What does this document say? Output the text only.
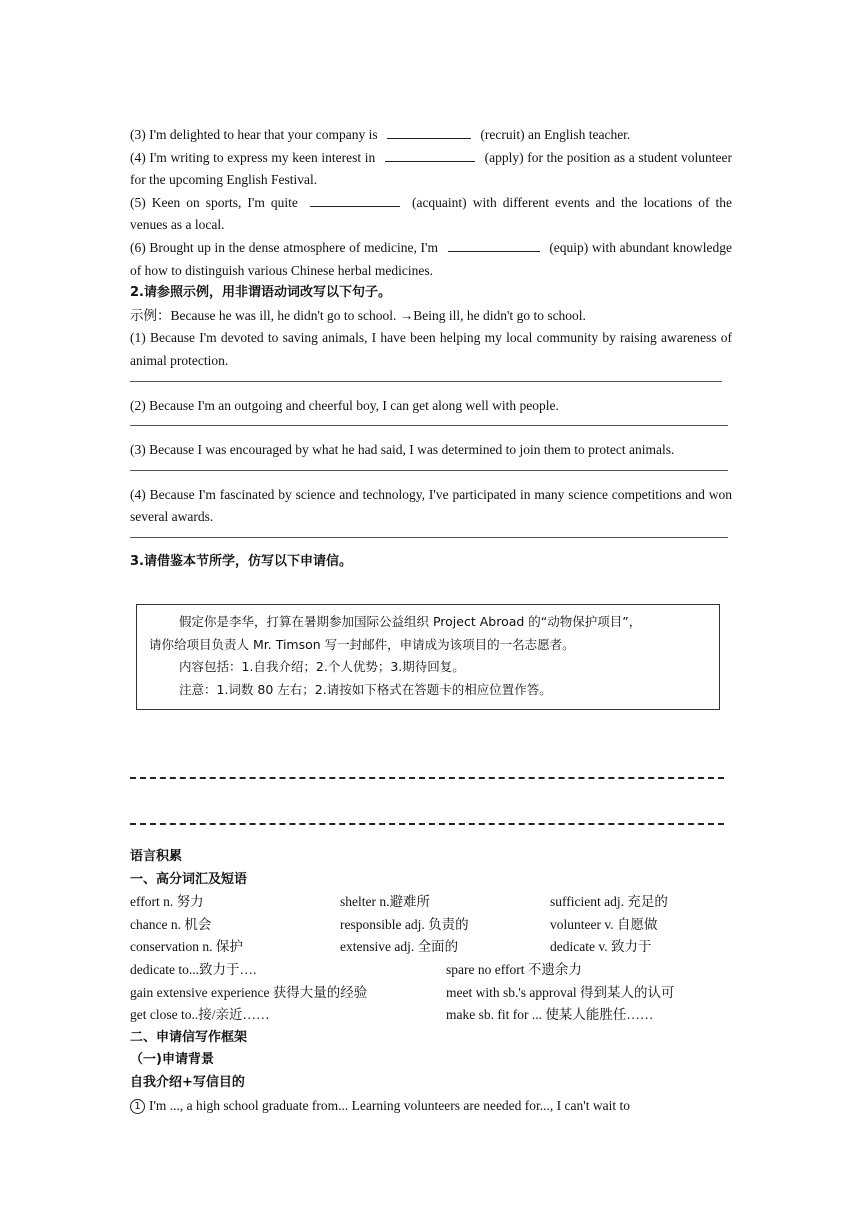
(3) I'm delighted to hear that your company is	(recruit) an English teacher.
(4) I'm writing to express my keen interest in	(apply) for the position as a student volunteer for the upcoming English Festival.
(5) Keen on sports, I'm quite	(acquaint) with different events and the locations of the venues as a local.
(6) Brought up in the dense atmosphere of medicine, I'm	(equip) with abundant knowledge of how to distinguish various Chinese herbal medicines.
2.请参照示例，用非谓语动词改写以下句子。
示例：Because he was ill, he didn't go to school. →Being ill, he didn't go to school.
(1) Because I'm devoted to saving animals, I have been helping my local community by raising awareness of animal protection.
(2) Because I'm an outgoing and cheerful boy, I can get along well with people.
(3) Because I was encouraged by what he had said, I was determined to join them to protect animals.
(4) Because I'm fascinated by science and technology, I've participated in many science competitions and won several awards.
3.请借鉴本节所学，仿写以下申请信。
假定你是李华，打算在暑期参加国际公益组织 Project Abroad 的“动物保护项目”，
请你给项目负责人 Mr. Timson 写一封邮件，申请成为该项目的一名志愿者。
内容包括：1.自我介绍；2.个人优势；3.期待回复。
注意：1.词数 80 左右；2.请按如下格式在答题卡的相应位置作答。
语言积累
一、高分词汇及短语
effort n. 努力	shelter n.避难所	sufficient adj. 充足的
chance n. 机会	responsible adj. 负责的	volunteer v. 自愿做
conservation n. 保护	extensive adj. 全面的	dedicate v. 致力于
dedicate to...致力于….	spare no effort 不遗余力
gain extensive experience 获得大量的经验	meet with sb.'s approval 得到某人的认可
get close to..接/亲近……	make sb. fit for ... 使某人能胜任……
二、申请信写作框架
（一)申请背景
自我介绍+写信目的
1 I'm ..., a high school graduate from... Learning volunteers are needed for..., I can't wait to
